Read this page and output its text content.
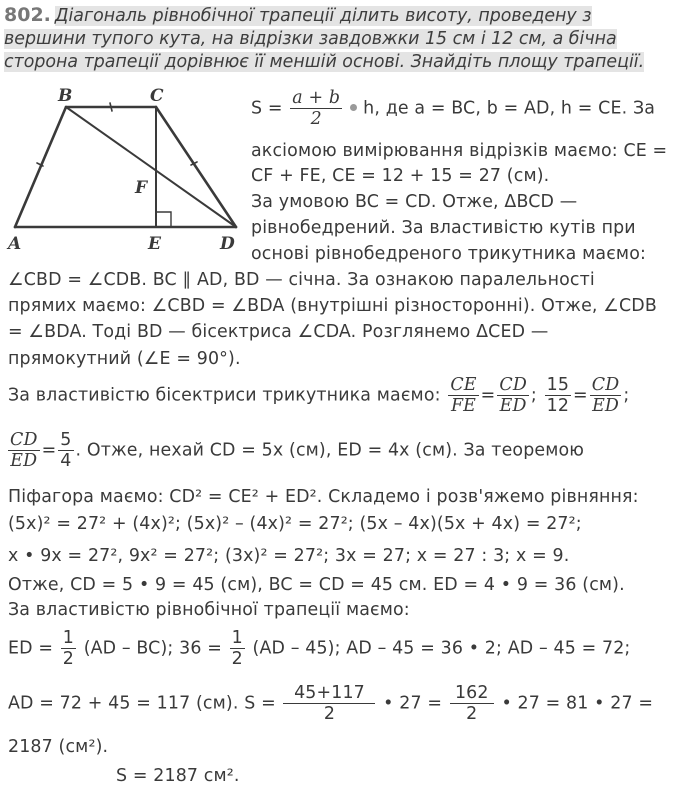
802. Діагональ рівнобічної трапеції ділить висоту, проведену з
вершини тупого кута, на відрізки завдовжки 15 см і 12 см, а бічна
сторона трапеції дорівнює її меншій основі. Знайдіть площу трапеції.
B	C
F
A	E	D
$S = \frac{a + b}{2} h$, де a = BC, b = AD, h = CE. За
аксіомою вимірювання відрізків маємо: CE =
CF + FE, CE = 12 + 15 = 27 (см).
За умовою BC = CD. Отже, ΔBCD —
рівнобедрений. За властивістю кутів при
основі рівнобедреного трикутника маємо:
∠CBD = ∠CDB. BC ∥ AD, BD — січна. За ознакою паралельності
прямих маємо: ∠CBD = ∠BDA (внутрішні різносторонні). Отже, ∠CDB
= ∠BDA. Тоді BD — бісектриса ∠CDA. Розглянемо ΔCED —
прямокутний (∠E = 90°).
За властивістю бісектриси трикутника маємо: $\frac{CE}{FE} = \frac{CD}{ED}$ ; $\frac{15}{12} = \frac{CD}{ED}$ ;
$\frac{CD}{ED} = \frac{5}{4}$ . Отже, нехай CD = 5x (см), ED = 4x (см). За теоремою
Піфагора маємо: CD² = CE² + ED². Складемо і розв'яжемо рівняння:
(5x)² = 27² + (4x)²; (5x)² – (4x)² = 27²; (5x – 4x)(5x + 4x) = 27²;
x • 9x = 27², 9x² = 27²; (3x)² = 27²; 3x = 27; x = 27 : 3; x = 9.
Отже, CD = 5 • 9 = 45 (см), BC = CD = 45 см. ED = 4 • 9 = 36 (см).
За властивістю рівнобічної трапеції маємо:
ED = $\frac{1}{2} (AD - BC)$; $36 = \frac{1}{2} (AD - 45)$; AD – 45 = 36 • 2; AD – 45 = 72;
AD = 72 + 45 = 117 (см). $S = \frac{45+117}{2}$ • $27 = \frac{162}{2}$ • 27 = 81 • 27 =
2187 (см²).
S = 2187 см².
